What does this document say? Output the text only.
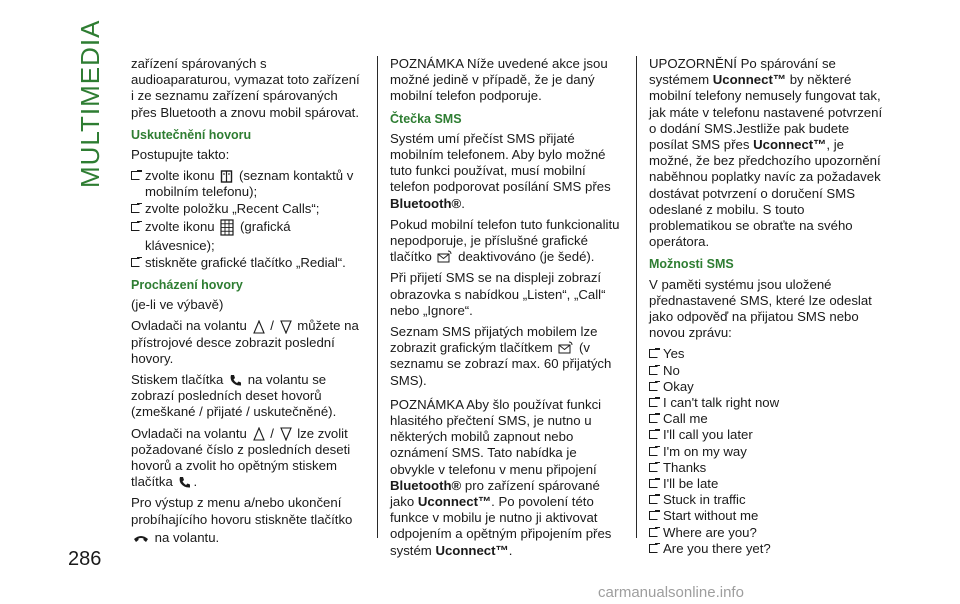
MULTIMEDIA
286

zařízení spárovaných s audioaparaturou, vymazat toto zařízení i ze seznamu zařízení spárovaných přes Bluetooth a znovu mobil spárovat.

Uskutečnění hovoru

Postupujte takto:

zvolte ikonu (seznam kontaktů v mobilním telefonu);
zvolte položku „Recent Calls“;
zvolte ikonu (grafická klávesnice);
stiskněte grafické tlačítko „Redial“.
Procházení hovory

(je-li ve výbavě)

Ovladači na volantu / můžete na přístrojové desce zobrazit poslední hovory.

Stiskem tlačítka na volantu se zobrazí posledních deset hovorů (zmeškané / přijaté / uskutečněné).

Ovladači na volantu / lze zvolit požadované číslo z posledních deseti hovorů a zvolit ho opětným stiskem tlačítka .

Pro výstup z menu a/nebo ukončení probíhajícího hovoru stiskněte tlačítko

na volantu.

POZNÁMKA Níže uvedené akce jsou možné jedině v případě, že je daný mobilní telefon podporuje.

Čtečka SMS

Systém umí přečíst SMS přijaté mobilním telefonem. Aby bylo možné tuto funkci používat, musí mobilní telefon podporovat posílání SMS přes Bluetooth®.

Pokud mobilní telefon tuto funkcionalitu nepodporuje, je příslušné grafické tlačítko deaktivováno (je šedé).

Při přijetí SMS se na displeji zobrazí obrazovka s nabídkou „Listen“, „Call“ nebo „Ignore“.

Seznam SMS přijatých mobilem lze zobrazit grafickým tlačítkem (v seznamu se zobrazí max. 60 přijatých SMS).

POZNÁMKA Aby šlo používat funkci hlasitého přečtení SMS, je nutno u některých mobilů zapnout nebo oznámení SMS. Tato nabídka je obvykle v telefonu v menu připojení Bluetooth® pro zařízení spárované jako Uconnect™. Po povolení této funkce v mobilu je nutno ji aktivovat odpojením a opětným připojením přes systém Uconnect™.

UPOZORNĚNÍ Po spárování se systémem Uconnect™ by některé mobilní telefony nemusely fungovat tak, jak máte v telefonu nastavené potvrzení o dodání SMS.Jestliže pak budete posílat SMS přes Uconnect™, je možné, že bez předchozího upozornění naběhnou poplatky navíc za požadavek dostávat potvrzení o doručení SMS odeslané z mobilu. S touto problematikou se obraťte na svého operátora.

Možnosti SMS

V paměti systému jsou uložené přednastavené SMS, které lze odeslat jako odpověď na přijatou SMS nebo novou zprávu:

Yes
No
Okay
I can't talk right now
Call me
I'll call you later
I'm on my way
Thanks
I'll be late
Stuck in traffic
Start without me
Where are you?
Are you there yet?
carmanualsonline.info
